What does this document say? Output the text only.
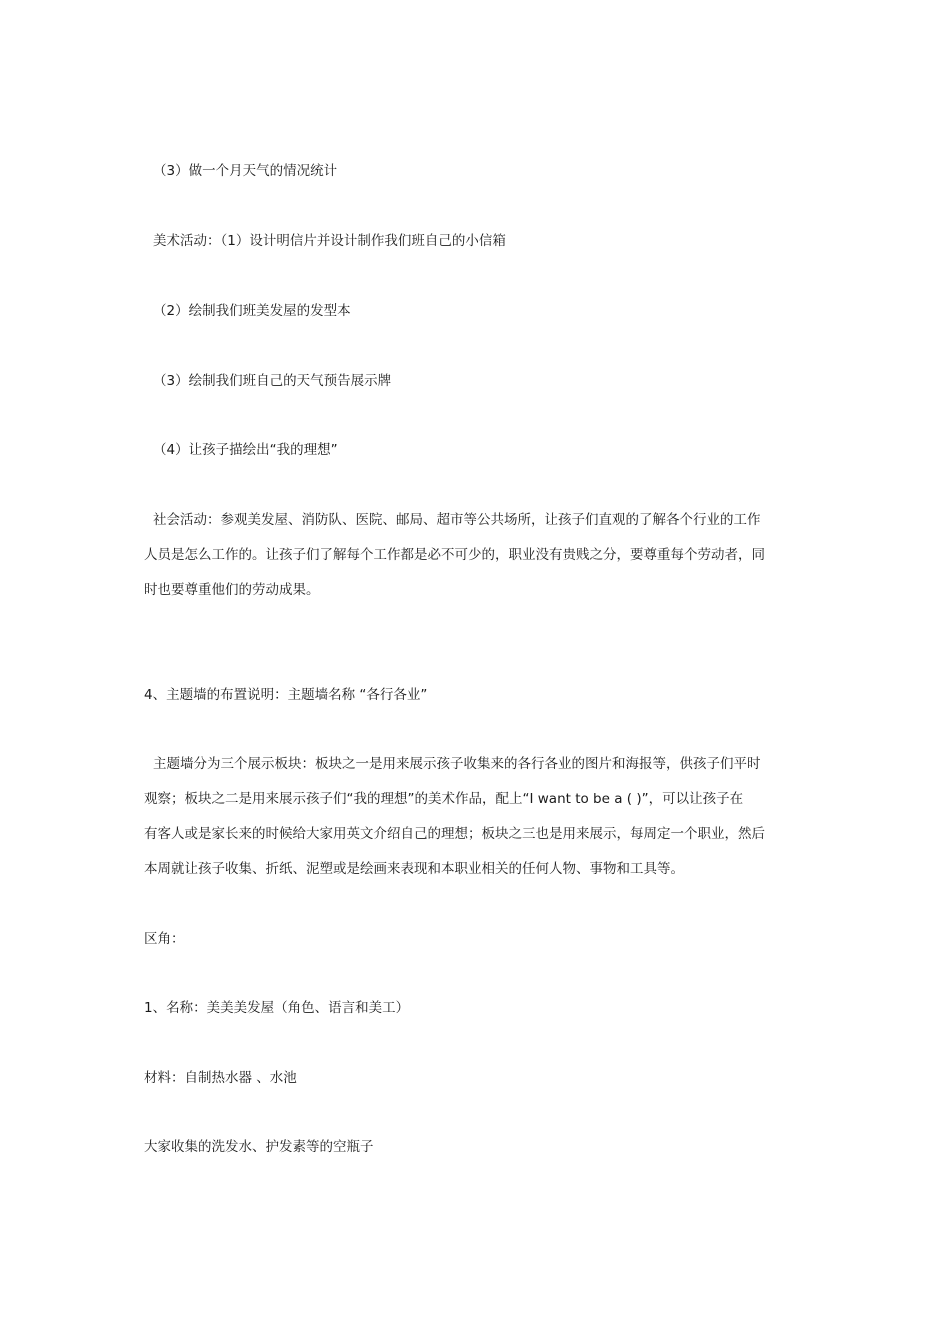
（3）做一个月天气的情况统计
美术活动：（1）设计明信片并设计制作我们班自己的小信箱
（2）绘制我们班美发屋的发型本
（3）绘制我们班自己的天气预告展示牌
（4）让孩子描绘出“我的理想”
社会活动：参观美发屋、消防队、医院、邮局、超市等公共场所，让孩子们直观的了解各个行业的工作
人员是怎么工作的。让孩子们了解每个工作都是必不可少的，职业没有贵贱之分，要尊重每个劳动者，同
时也要尊重他们的劳动成果。
4、主题墙的布置说明：主题墙名称 “各行各业”
主题墙分为三个展示板块：板块之一是用来展示孩子收集来的各行各业的图片和海报等，供孩子们平时
观察；板块之二是用来展示孩子们“我的理想”的美术作品，配上“I want to be a ( )”，可以让孩子在
有客人或是家长来的时候给大家用英文介绍自己的理想；板块之三也是用来展示，每周定一个职业，然后
本周就让孩子收集、折纸、泥塑或是绘画来表现和本职业相关的任何人物、事物和工具等。
区角：
1、名称：美美美发屋（角色、语言和美工）
材料：自制热水器 、水池
大家收集的洗发水、护发素等的空瓶子
